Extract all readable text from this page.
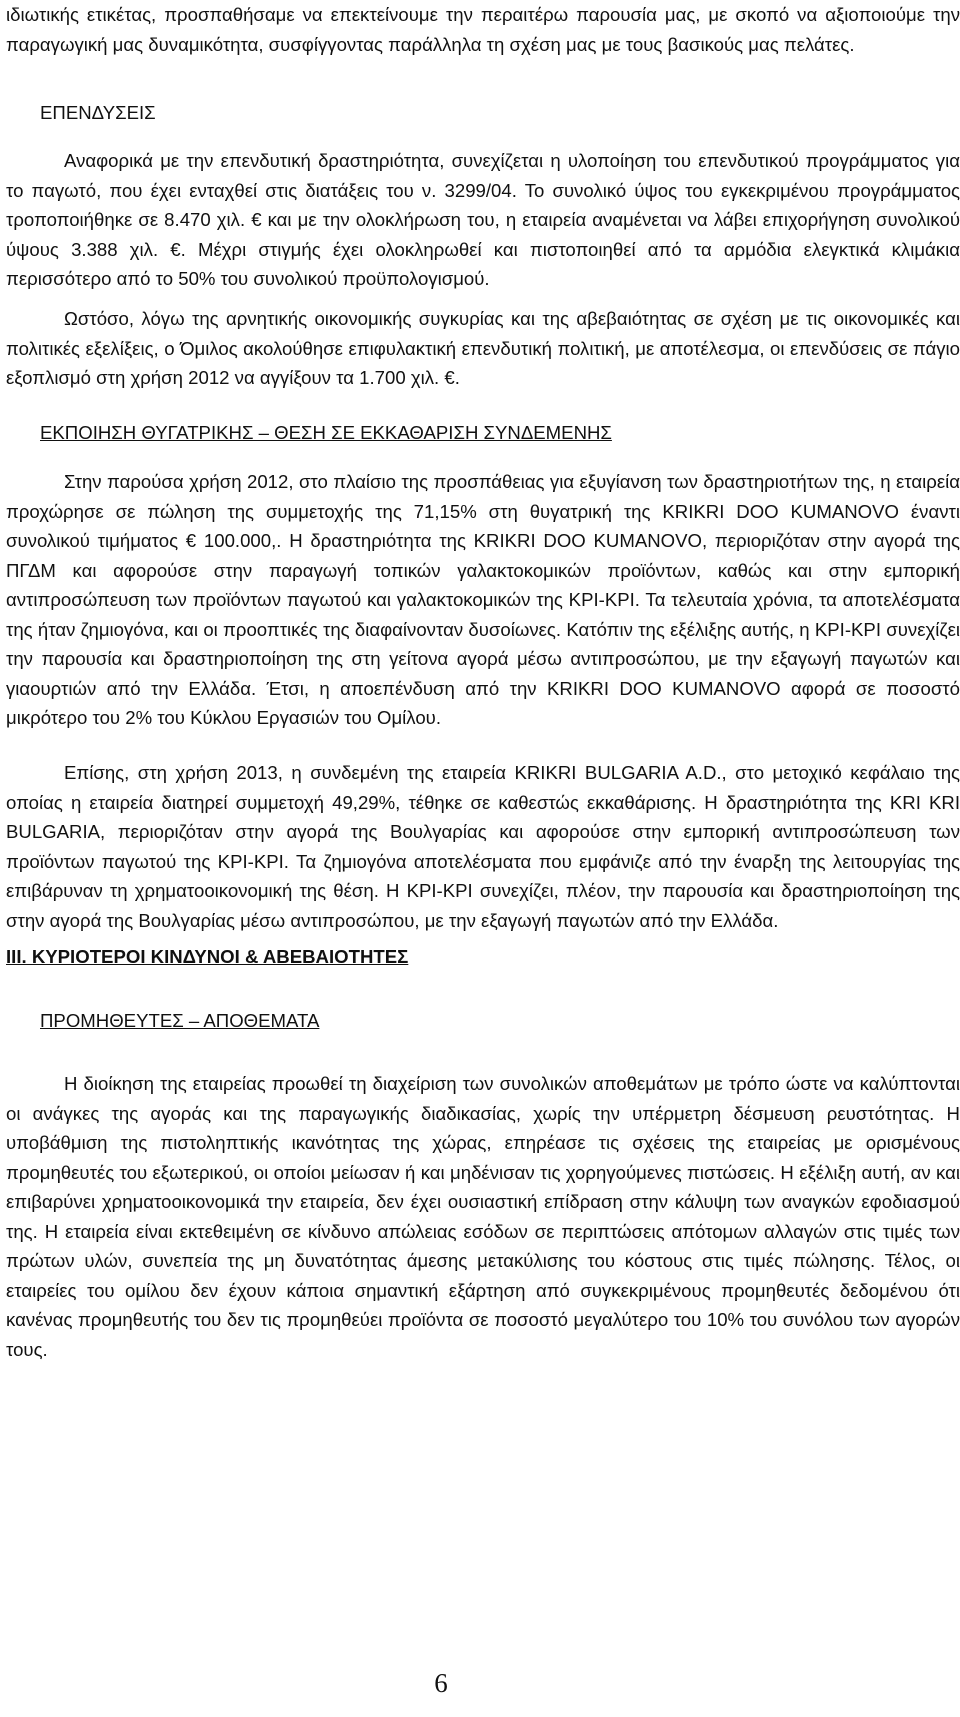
ιδιωτικής ετικέτας, προσπαθήσαμε να επεκτείνουμε την περαιτέρω παρουσία μας, με σκοπό να αξιοποιούμε την παραγωγική μας δυναμικότητα, συσφίγγοντας παράλληλα τη σχέση μας με τους βασικούς μας πελάτες.

ΕΠΕΝΔΥΣΕΙΣ

Αναφορικά με την επενδυτική δραστηριότητα, συνεχίζεται η υλοποίηση του επενδυτικού προγράμματος για το παγωτό, που έχει ενταχθεί στις διατάξεις του ν. 3299/04. Το συνολικό ύψος του εγκεκριμένου προγράμματος τροποποιήθηκε σε 8.470 χιλ. € και με την ολοκλήρωση του, η εταιρεία αναμένεται να λάβει επιχορήγηση συνολικού ύψους 3.388 χιλ. €. Μέχρι στιγμής έχει ολοκληρωθεί και πιστοποιηθεί από τα αρμόδια ελεγκτικά κλιμάκια περισσότερο από το 50% του συνολικού προϋπολογισμού.

Ωστόσο, λόγω της αρνητικής οικονομικής συγκυρίας και της αβεβαιότητας σε σχέση με τις οικονομικές και πολιτικές εξελίξεις, ο Όμιλος ακολούθησε επιφυλακτική επενδυτική πολιτική, με αποτέλεσμα, οι επενδύσεις σε πάγιο εξοπλισμό στη χρήση 2012 να αγγίξουν τα 1.700 χιλ. €.

ΕΚΠΟΙΗΣΗ ΘΥΓΑΤΡΙΚΗΣ – ΘΕΣΗ ΣΕ ΕΚΚΑΘΑΡΙΣΗ ΣΥΝΔΕΜΕΝΗΣ

Στην παρούσα χρήση 2012, στο πλαίσιο της προσπάθειας για εξυγίανση των δραστηριοτήτων της, η εταιρεία προχώρησε σε πώληση της συμμετοχής της 71,15% στη θυγατρική της KRIKRI DOO KUMANOVO έναντι συνολικού τιμήματος € 100.000,. Η δραστηριότητα της KRIKRI DOO KUMANOVO, περιοριζόταν στην αγορά της ΠΓΔΜ και αφορούσε στην παραγωγή τοπικών γαλακτοκομικών προϊόντων, καθώς και στην εμπορική αντιπροσώπευση των προϊόντων παγωτού και γαλακτοκομικών της ΚΡΙ-ΚΡΙ. Τα τελευταία χρόνια, τα αποτελέσματα της ήταν ζημιογόνα, και οι προοπτικές της διαφαίνονταν δυσοίωνες. Κατόπιν της εξέλιξης αυτής, η ΚΡΙ-ΚΡΙ συνεχίζει την παρουσία και δραστηριοποίηση της στη γείτονα αγορά μέσω αντιπροσώπου, με την εξαγωγή παγωτών και γιαουρτιών από την Ελλάδα. Έτσι, η αποεπένδυση από την KRIKRI DOO KUMANOVO αφορά σε ποσοστό μικρότερο του 2% του Κύκλου Εργασιών του Ομίλου.

Επίσης, στη χρήση 2013, η συνδεμένη της εταιρεία KRIKRI BULGARIA A.D., στο μετοχικό κεφάλαιο της οποίας η εταιρεία διατηρεί συμμετοχή 49,29%, τέθηκε σε καθεστώς εκκαθάρισης. Η δραστηριότητα της KRI KRI BULGARIA, περιοριζόταν στην αγορά της Βουλγαρίας και αφορούσε στην εμπορική αντιπροσώπευση των προϊόντων παγωτού της ΚΡΙ-ΚΡΙ. Τα ζημιογόνα αποτελέσματα που εμφάνιζε από την έναρξη της λειτουργίας της επιβάρυναν τη χρηματοοικονομική της θέση. Η ΚΡΙ-ΚΡΙ συνεχίζει, πλέον, την παρουσία και δραστηριοποίηση της στην αγορά της Βουλγαρίας μέσω αντιπροσώπου, με την εξαγωγή παγωτών από την Ελλάδα.

III. ΚΥΡΙΟΤΕΡΟΙ ΚΙΝΔΥΝΟΙ & ΑΒΕΒΑΙΟΤΗΤΕΣ

ΠΡΟΜΗΘΕΥΤΕΣ – ΑΠΟΘΕΜΑΤΑ

Η διοίκηση της εταιρείας προωθεί τη διαχείριση των συνολικών αποθεμάτων με τρόπο ώστε να καλύπτονται οι ανάγκες της αγοράς και της παραγωγικής διαδικασίας, χωρίς την υπέρμετρη δέσμευση ρευστότητας. Η υποβάθμιση της πιστοληπτικής ικανότητας της χώρας, επηρέασε τις σχέσεις της εταιρείας με ορισμένους προμηθευτές του εξωτερικού, οι οποίοι μείωσαν ή και μηδένισαν τις χορηγούμενες πιστώσεις. Η εξέλιξη αυτή, αν και επιβαρύνει χρηματοοικονομικά την εταιρεία, δεν έχει ουσιαστική επίδραση στην κάλυψη των αναγκών εφοδιασμού της. Η εταιρεία είναι εκτεθειμένη σε κίνδυνο απώλειας εσόδων σε περιπτώσεις απότομων αλλαγών στις τιμές των πρώτων υλών, συνεπεία της μη δυνατότητας άμεσης μετακύλισης του κόστους στις τιμές πώλησης. Τέλος, οι εταιρείες του ομίλου δεν έχουν κάποια σημαντική εξάρτηση από συγκεκριμένους προμηθευτές δεδομένου ότι κανένας προμηθευτής του δεν τις προμηθεύει προϊόντα σε ποσοστό μεγαλύτερο του 10% του συνόλου των αγορών τους.

6
